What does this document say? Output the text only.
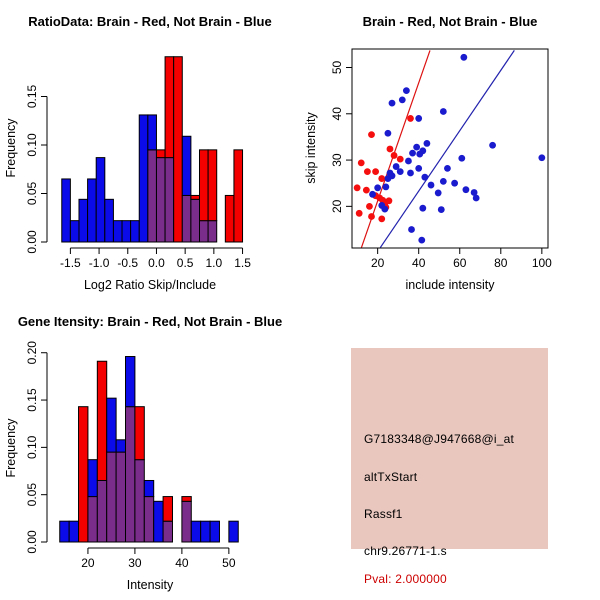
-1.5 -1.0 -0.5 0.0 0.5 1.0 1.5
0.00
0.05
0.10
0.15
RatioData: Brain - Red, Not Brain - Blue
Log2 Ratio Skip/Include
Frequency
20 40 60 80 100
20
30
40
50
Brain - Red, Not Brain - Blue
include intensity
skip intensity
20	30	40	50
0.00
0.05
0.10
0.15
0.20
Gene Itensity: Brain - Red, Not Brain - Blue
Intensity
Frequency	G7183348@J947668@i_at
altTxStart
Rassf1
chr9.26771-1.s
Pval: 2.000000
